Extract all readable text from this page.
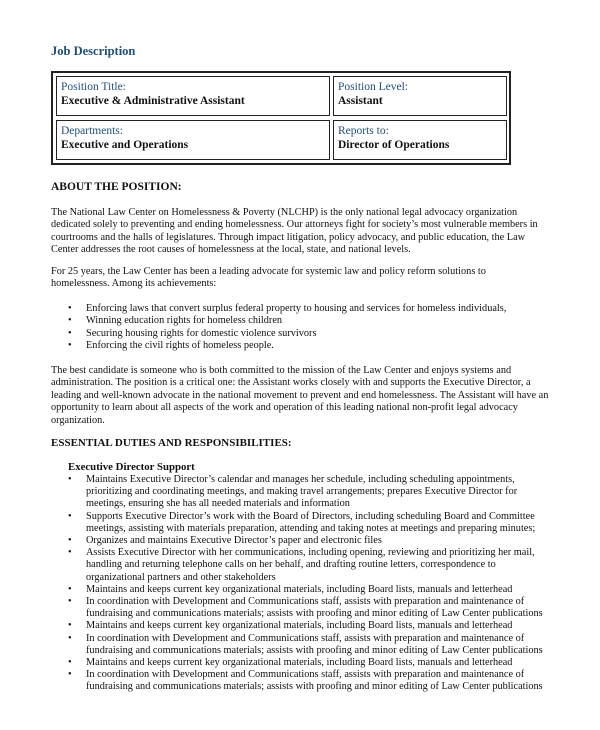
Job Description
Position Title:
Executive & Administrative Assistant
Position Level:
Assistant
Departments:
Executive and Operations
Reports to:
Director of Operations
ABOUT THE POSITION:
The National Law Center on Homelessness & Poverty (NLCHP) is the only national legal advocacy organization
dedicated solely to preventing and ending homelessness. Our attorneys fight for society’s most vulnerable members in
courtrooms and the halls of legislatures. Through impact litigation, policy advocacy, and public education, the Law
Center addresses the root causes of homelessness at the local, state, and national levels.
For 25 years, the Law Center has been a leading advocate for systemic law and policy reform solutions to
homelessness. Among its achievements:
• Enforcing laws that convert surplus federal property to housing and services for homeless individuals,
• Winning education rights for homeless children
• Securing housing rights for domestic violence survivors
• Enforcing the civil rights of homeless people.
The best candidate is someone who is both committed to the mission of the Law Center and enjoys systems and
administration. The position is a critical one: the Assistant works closely with and supports the Executive Director, a
leading and well-known advocate in the national movement to prevent and end homelessness. The Assistant will have an
opportunity to learn about all aspects of the work and operation of this leading national non-profit legal advocacy
organization.
ESSENTIAL DUTIES AND RESPONSIBILITIES:
Executive Director Support
• Maintains Executive Director’s calendar and manages her schedule, including scheduling appointments,
prioritizing and coordinating meetings, and making travel arrangements; prepares Executive Director for
meetings, ensuring she has all needed materials and information
• Supports Executive Director’s work with the Board of Directors, including scheduling Board and Committee
meetings, assisting with materials preparation, attending and taking notes at meetings and preparing minutes;
• Organizes and maintains Executive Director’s paper and electronic files
• Assists Executive Director with her communications, including opening, reviewing and prioritizing her mail,
handling and returning telephone calls on her behalf, and drafting routine letters, correspondence to
organizational partners and other stakeholders
• Maintains and keeps current key organizational materials, including Board lists, manuals and letterhead
• In coordination with Development and Communications staff, assists with preparation and maintenance of
fundraising and communications materials; assists with proofing and minor editing of Law Center publications
• Maintains and keeps current key organizational materials, including Board lists, manuals and letterhead
• In coordination with Development and Communications staff, assists with preparation and maintenance of
fundraising and communications materials; assists with proofing and minor editing of Law Center publications
• Maintains and keeps current key organizational materials, including Board lists, manuals and letterhead
• In coordination with Development and Communications staff, assists with preparation and maintenance of
fundraising and communications materials; assists with proofing and minor editing of Law Center publications
